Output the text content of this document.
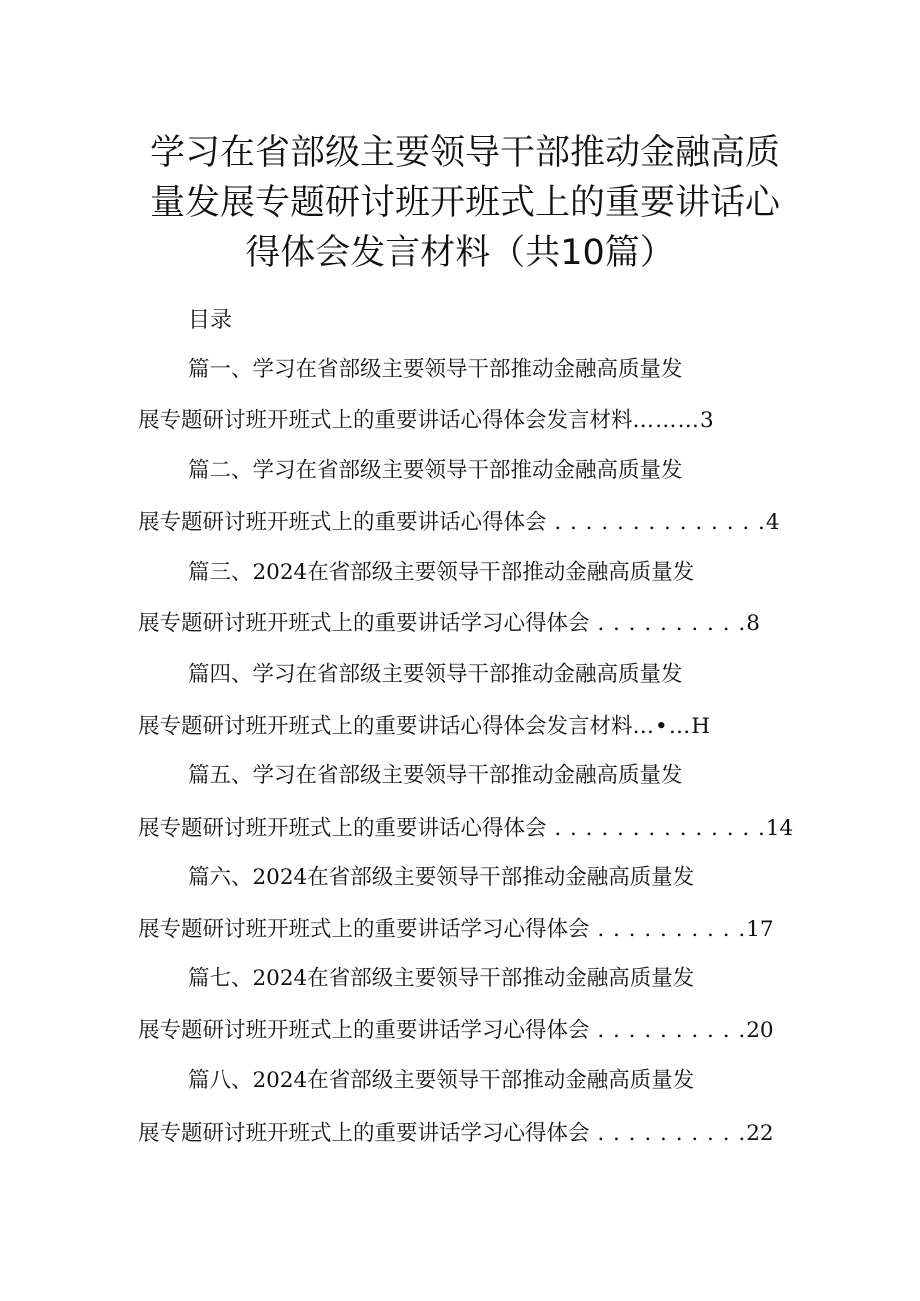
学习在省部级主要领导干部推动金融高质
量发展专题研讨班开班式上的重要讲话心
得体会发言材料（共10篇）
目录
篇一、学习在省部级主要领导干部推动金融高质量发
展专题研讨班开班式上的重要讲话心得体会发言材料………3
篇二、学习在省部级主要领导干部推动金融高质量发
展专题研讨班开班式上的重要讲话心得体会 . . . . . . . . . . . . . .4
篇三、2024在省部级主要领导干部推动金融高质量发
展专题研讨班开班式上的重要讲话学习心得体会 . . . . . . . . . .8
篇四、学习在省部级主要领导干部推动金融高质量发
展专题研讨班开班式上的重要讲话心得体会发言材料…•…H
篇五、学习在省部级主要领导干部推动金融高质量发
展专题研讨班开班式上的重要讲话心得体会 . . . . . . . . . . . . . .14
篇六、2024在省部级主要领导干部推动金融高质量发
展专题研讨班开班式上的重要讲话学习心得体会 . . . . . . . . . .17
篇七、2024在省部级主要领导干部推动金融高质量发
展专题研讨班开班式上的重要讲话学习心得体会 . . . . . . . . . .20
篇八、2024在省部级主要领导干部推动金融高质量发
展专题研讨班开班式上的重要讲话学习心得体会 . . . . . . . . . .22
